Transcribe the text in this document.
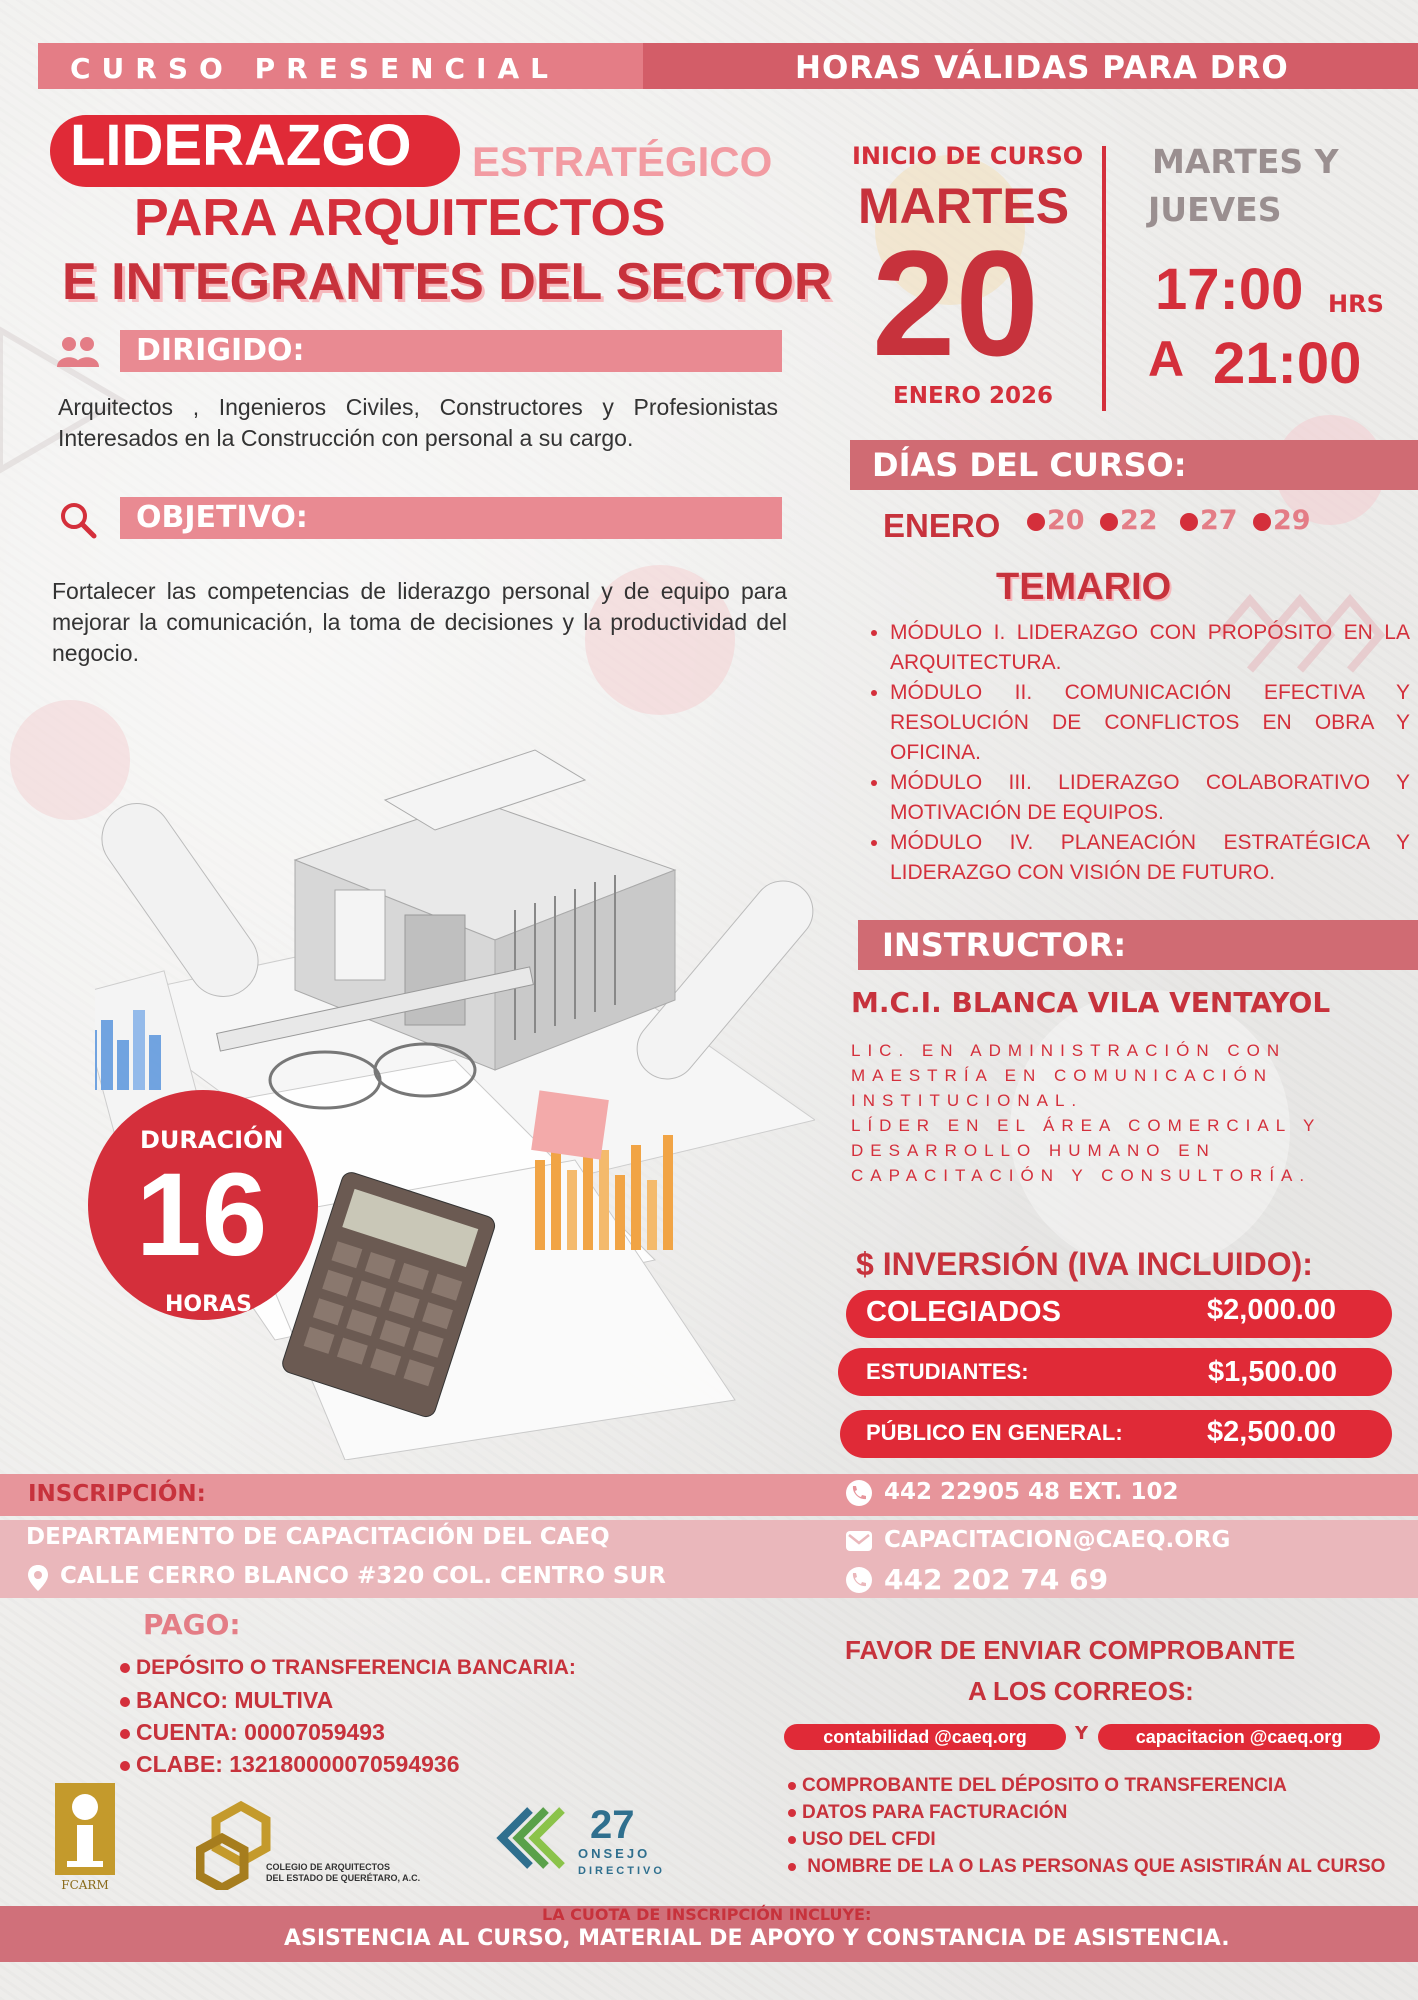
CURSO PRESENCIAL	HORAS VÁLIDAS PARA DRO
LIDERAZGO ESTRATÉGICO
PARA ARQUITECTOS
E INTEGRANTES DEL SECTOR
DIRIGIDO:
Arquitectos , Ingenieros Civiles, Constructores y Profesionistas Interesados en la Construcción con personal a su cargo.
OBJETIVO:
Fortalecer las competencias de liderazgo personal y de equipo para mejorar la comunicación, la toma de decisiones y la productividad del negocio.
DURACIÓN
16
HORAS
INICIO DE CURSO
MARTES
20
ENERO 2026
MARTES Y
JUEVES
17:00 HRS
A 21:00
DÍAS DEL CURSO:
ENERO	20	22	27	29
TEMARIO
• MÓDULO I. LIDERAZGO CON PROPÓSITO EN LA ARQUITECTURA.
• MÓDULO II. COMUNICACIÓN EFECTIVA Y RESOLUCIÓN DE CONFLICTOS EN OBRA Y OFICINA.
• MÓDULO III. LIDERAZGO COLABORATIVO Y MOTIVACIÓN DE EQUIPOS.
• MÓDULO IV. PLANEACIÓN ESTRATÉGICA Y LIDERAZGO CON VISIÓN DE FUTURO.
INSTRUCTOR:
M.C.I. BLANCA VILA VENTAYOL
LIC. EN ADMINISTRACIÓN CON MAESTRÍA EN COMUNICACIÓN INSTITUCIONAL.
LÍDER EN EL ÁREA COMERCIAL Y DESARROLLO HUMANO EN CAPACITACIÓN Y CONSULTORÍA.
$ INVERSIÓN (IVA INCLUIDO):
COLEGIADOS	$2,000.00
ESTUDIANTES:	$1,500.00
PÚBLICO EN GENERAL:	$2,500.00
INSCRIPCIÓN:	442 22905 48 EXT. 102
DEPARTAMENTO DE CAPACITACIÓN DEL CAEQ
CALLE CERRO BLANCO #320 COL. CENTRO SUR
CAPACITACION@CAEQ.ORG
442 202 74 69
PAGO:
DEPÓSITO O TRANSFERENCIA BANCARIA:
BANCO: MULTIVA
CUENTA: 00007059493
CLABE: 132180000070594936
FAVOR DE ENVIAR COMPROBANTE
A LOS CORREOS:
contabilidad @caeq.org	Y	capacitacion @caeq.org
COMPROBANTE DEL DÉPOSITO O TRANSFERENCIA
DATOS PARA FACTURACIÓN
USO DEL CFDI
NOMBRE DE LA O LAS PERSONAS QUE ASISTIRÁN AL CURSO
FCARM
COLEGIO DE ARQUITECTOS
DEL ESTADO DE QUERÉTARO, A.C.
27
ONSEJO
DIRECTIVO
LA CUOTA DE INSCRIPCIÓN INCLUYE:
ASISTENCIA AL CURSO, MATERIAL DE APOYO Y CONSTANCIA DE ASISTENCIA.
